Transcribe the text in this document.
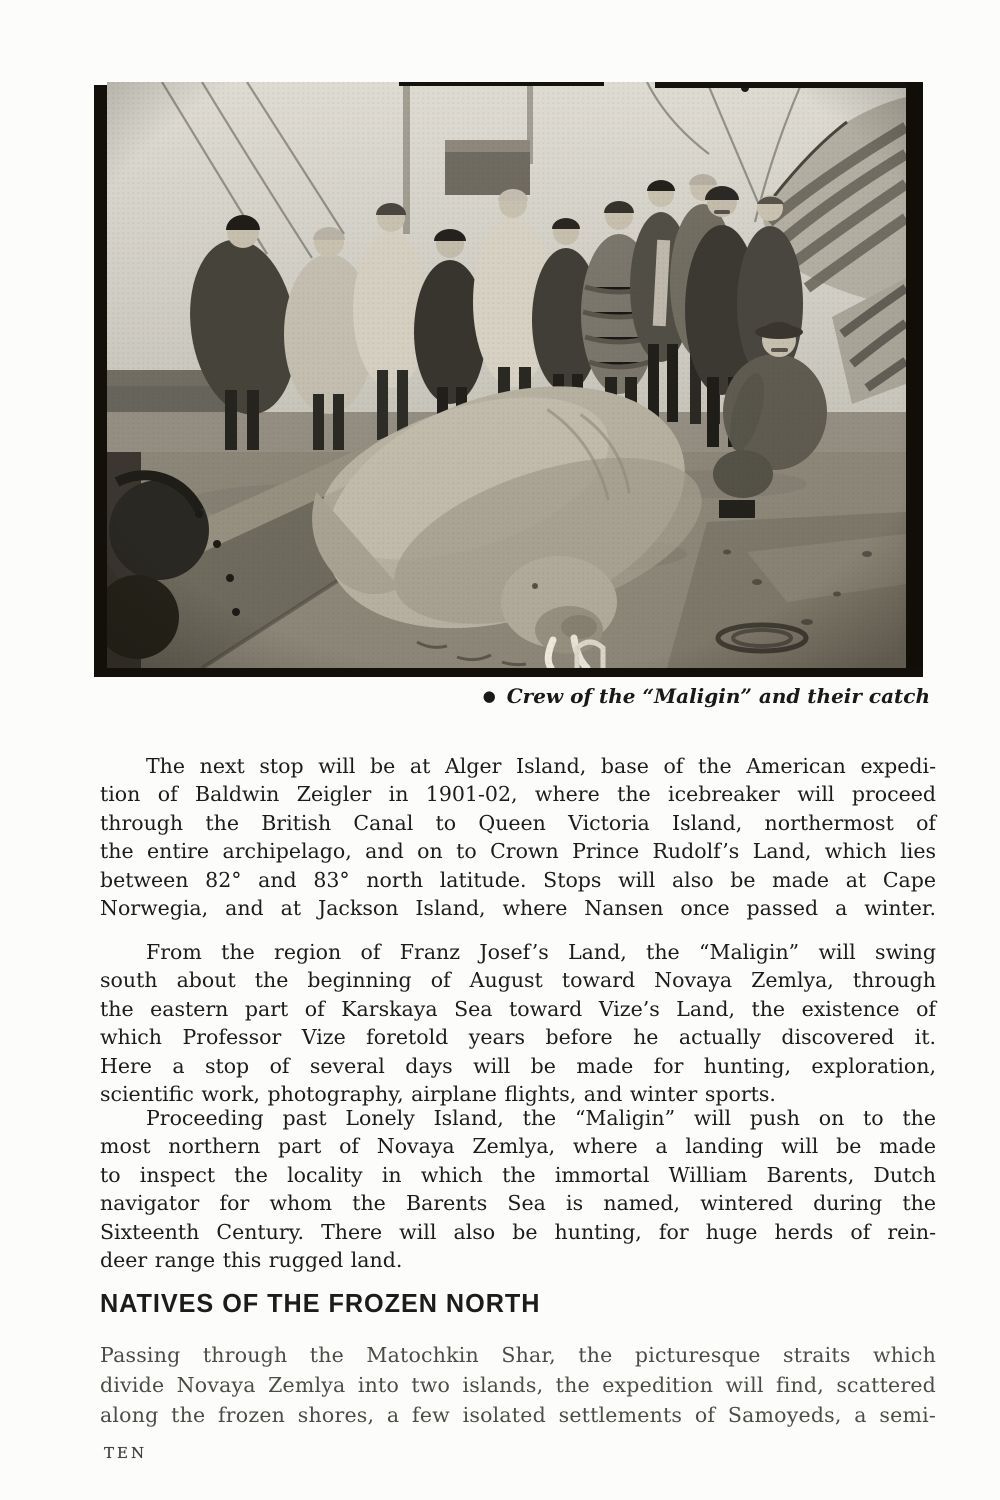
● Crew of the “Maligin” and their catch
The next stop will be at Alger Island, base of the American expedi-
tion of Baldwin Zeigler in 1901-02, where the icebreaker will proceed
through the British Canal to Queen Victoria Island, northermost of
the entire archipelago, and on to Crown Prince Rudolf’s Land, which lies
between 82° and 83° north latitude. Stops will also be made at Cape
Norwegia, and at Jackson Island, where Nansen once passed a winter.
From the region of Franz Josef’s Land, the “Maligin” will swing
south about the beginning of August toward Novaya Zemlya, through
the eastern part of Karskaya Sea toward Vize’s Land, the existence of
which Professor Vize foretold years before he actually discovered it.
Here a stop of several days will be made for hunting, exploration,
scientific work, photography, airplane flights, and winter sports.
Proceeding past Lonely Island, the “Maligin” will push on to the
most northern part of Novaya Zemlya, where a landing will be made
to inspect the locality in which the immortal William Barents, Dutch
navigator for whom the Barents Sea is named, wintered during the
Sixteenth Century. There will also be hunting, for huge herds of rein-
deer range this rugged land.
NATIVES OF THE FROZEN NORTH
Passing through the Matochkin Shar, the picturesque straits which
divide Novaya Zemlya into two islands, the expedition will find, scattered
along the frozen shores, a few isolated settlements of Samoyeds, a semi-
TEN
